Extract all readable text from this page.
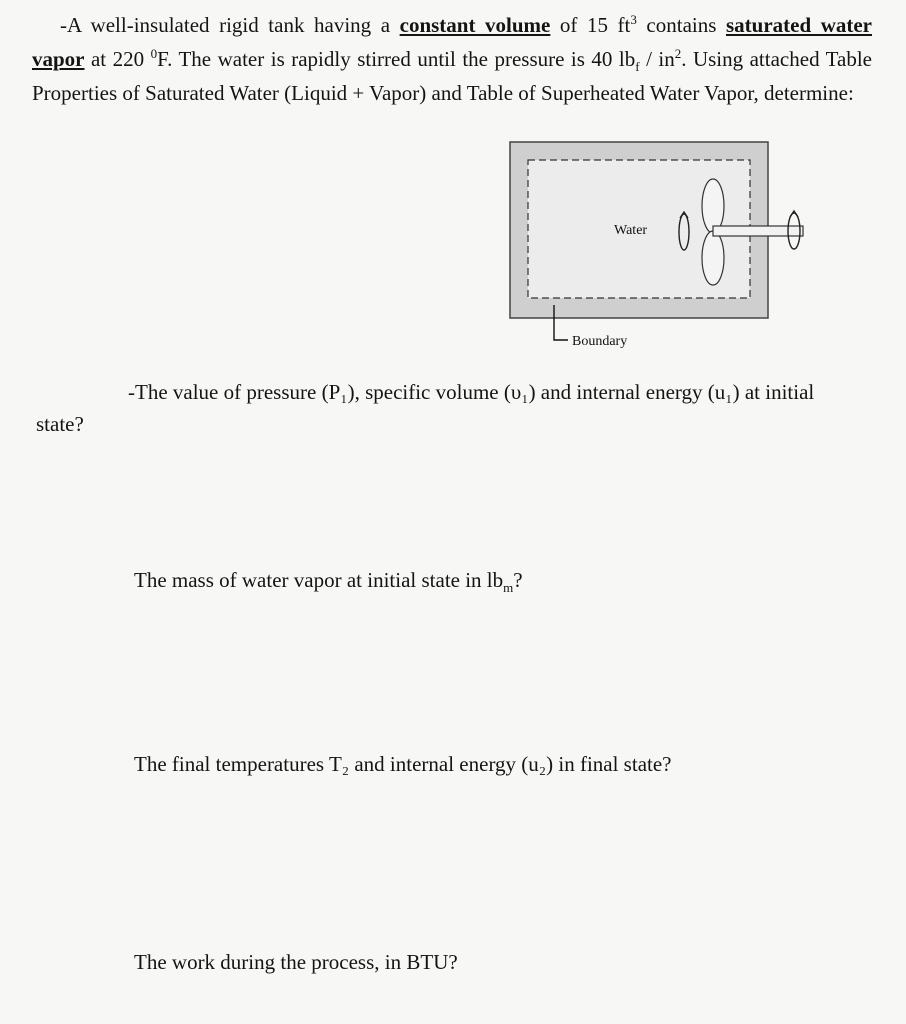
-A well-insulated rigid tank having a constant volume of 15 $ft^3$ contains saturated water vapor at 220 $^0$F. The water is rapidly stirred until the pressure is 40 $lb_f / in^2$. Using attached Table Properties of Saturated Water (Liquid + Vapor) and Table of Superheated Water Vapor, determine:
Water
Boundary
-The value of pressure (P₁), specific volume (υ₁) and internal energy (u₁) at initial state?
The mass of water vapor at initial state in $lb_m$?
The final temperatures T₂ and internal energy (u₂) in final state?
The work during the process, in BTU?
